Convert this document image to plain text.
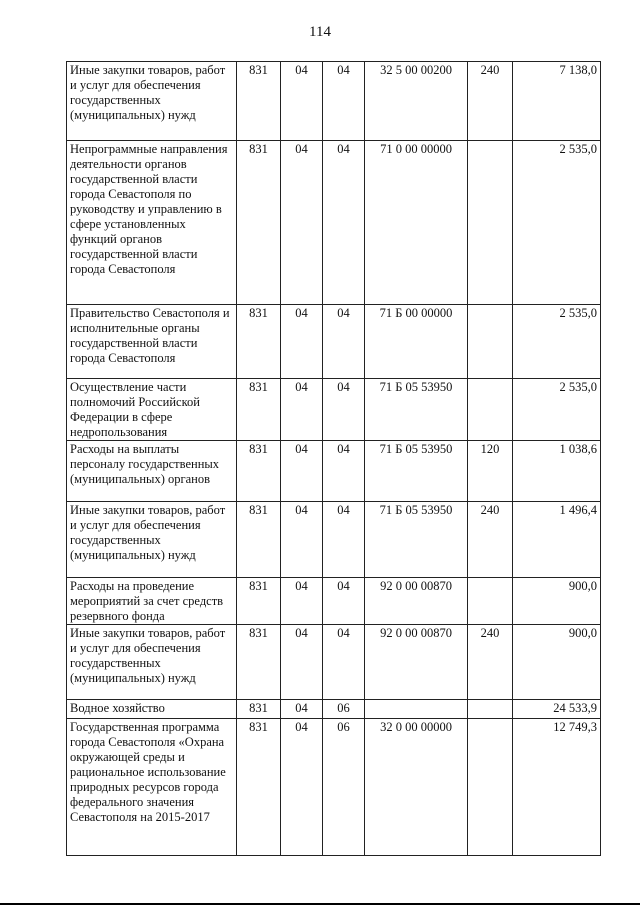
114
Иные закупки товаров, работ и услуг для обеспечения государственных (муниципальных) нужд	831	04	04	32 5 00 00200	240	7 138,0
Непрограммные направления деятельности органов государственной власти города Севастополя по руководству и управлению в сфере установленных функций органов государственной власти города Севастополя	831	04	04	71 0 00 00000		2 535,0
Правительство Севастополя и исполнительные органы государственной власти города Севастополя	831	04	04	71 Б 00 00000		2 535,0
Осуществление части полномочий Российской Федерации в сфере недропользования	831	04	04	71 Б 05 53950		2 535,0
Расходы на выплаты персоналу государственных (муниципальных) органов	831	04	04	71 Б 05 53950	120	1 038,6
Иные закупки товаров, работ и услуг для обеспечения государственных (муниципальных) нужд	831	04	04	71 Б 05 53950	240	1 496,4
Расходы на проведение мероприятий за счет средств резервного фонда	831	04	04	92 0 00 00870		900,0
Иные закупки товаров, работ и услуг для обеспечения государственных (муниципальных) нужд	831	04	04	92 0 00 00870	240	900,0
Водное хозяйство	831	04	06			24 533,9
Государственная программа города Севастополя «Охрана окружающей среды и рациональное использование природных ресурсов города федерального значения Севастополя на 2015-2017	831	04	06	32 0 00 00000		12 749,3
